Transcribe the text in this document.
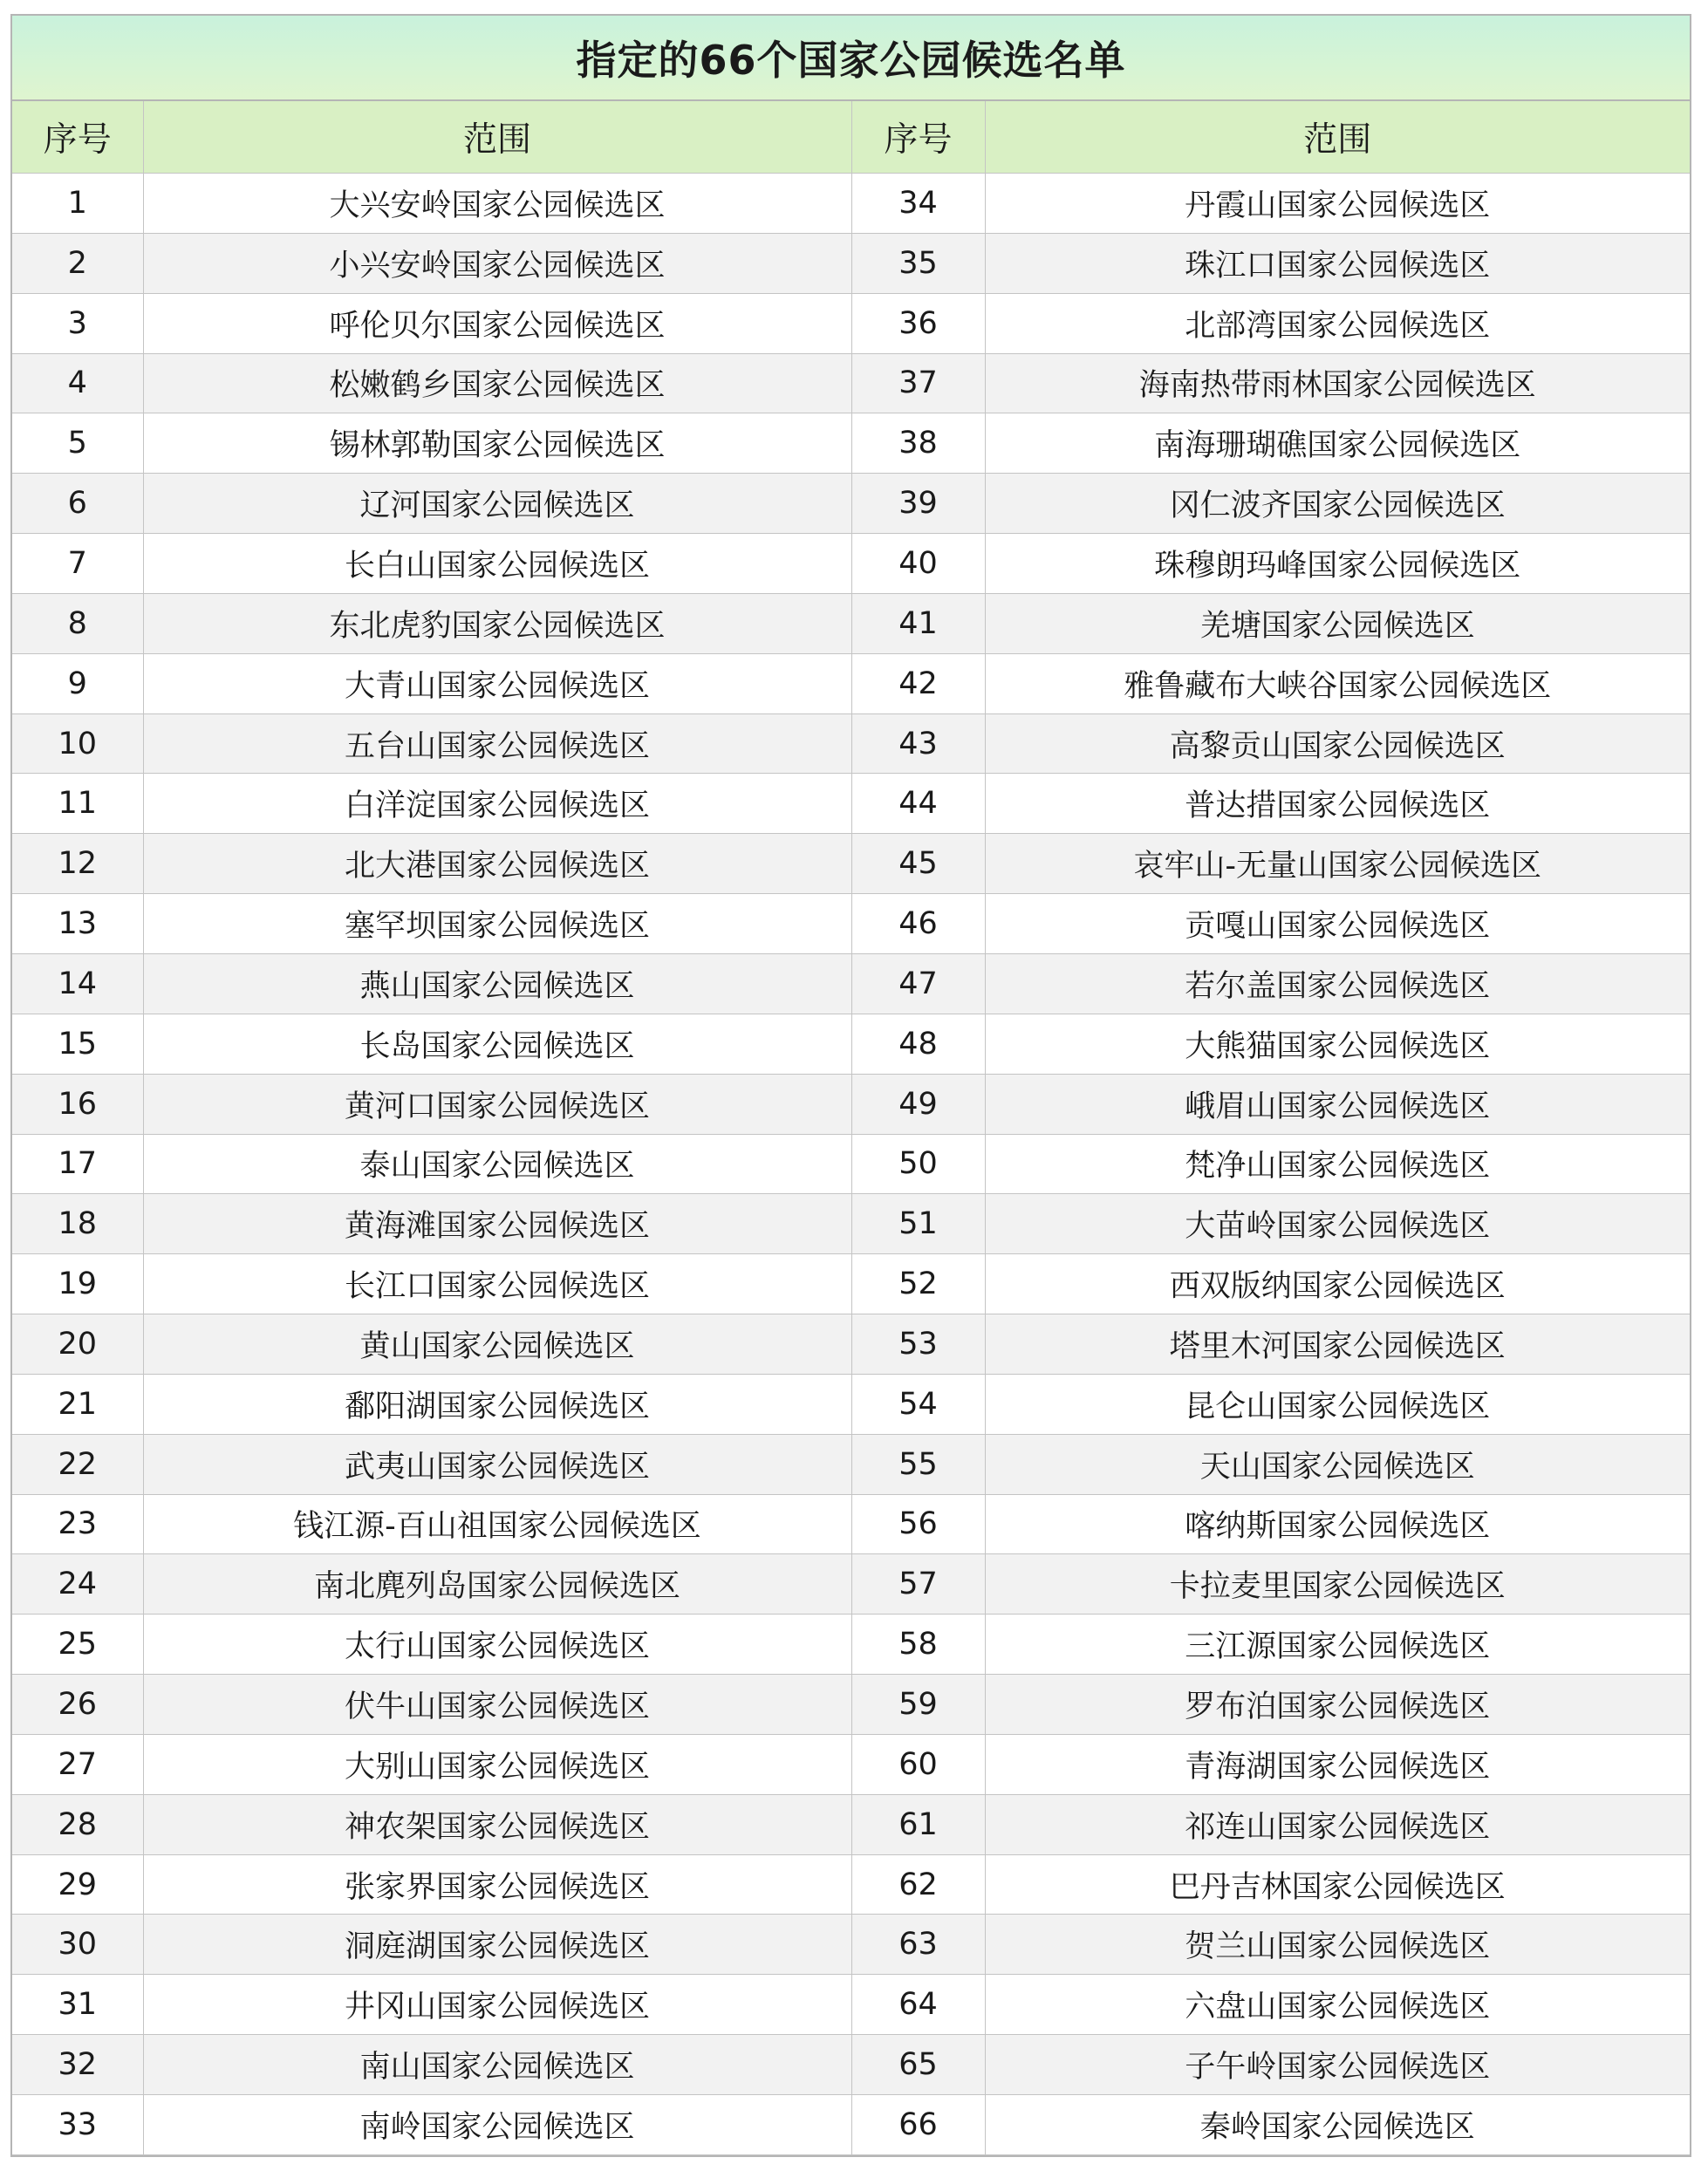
指定的66个国家公园候选名单
序号	范围	序号	范围
1	大兴安岭国家公园候选区	34	丹霞山国家公园候选区
2	小兴安岭国家公园候选区	35	珠江口国家公园候选区
3	呼伦贝尔国家公园候选区	36	北部湾国家公园候选区
4	松嫩鹤乡国家公园候选区	37	海南热带雨林国家公园候选区
5	锡林郭勒国家公园候选区	38	南海珊瑚礁国家公园候选区
6	辽河国家公园候选区	39	冈仁波齐国家公园候选区
7	长白山国家公园候选区	40	珠穆朗玛峰国家公园候选区
8	东北虎豹国家公园候选区	41	羌塘国家公园候选区
9	大青山国家公园候选区	42	雅鲁藏布大峡谷国家公园候选区
10	五台山国家公园候选区	43	高黎贡山国家公园候选区
11	白洋淀国家公园候选区	44	普达措国家公园候选区
12	北大港国家公园候选区	45	哀牢山-无量山国家公园候选区
13	塞罕坝国家公园候选区	46	贡嘎山国家公园候选区
14	燕山国家公园候选区	47	若尔盖国家公园候选区
15	长岛国家公园候选区	48	大熊猫国家公园候选区
16	黄河口国家公园候选区	49	峨眉山国家公园候选区
17	泰山国家公园候选区	50	梵净山国家公园候选区
18	黄海滩国家公园候选区	51	大苗岭国家公园候选区
19	长江口国家公园候选区	52	西双版纳国家公园候选区
20	黄山国家公园候选区	53	塔里木河国家公园候选区
21	鄱阳湖国家公园候选区	54	昆仑山国家公园候选区
22	武夷山国家公园候选区	55	天山国家公园候选区
23	钱江源-百山祖国家公园候选区	56	喀纳斯国家公园候选区
24	南北麂列岛国家公园候选区	57	卡拉麦里国家公园候选区
25	太行山国家公园候选区	58	三江源国家公园候选区
26	伏牛山国家公园候选区	59	罗布泊国家公园候选区
27	大别山国家公园候选区	60	青海湖国家公园候选区
28	神农架国家公园候选区	61	祁连山国家公园候选区
29	张家界国家公园候选区	62	巴丹吉林国家公园候选区
30	洞庭湖国家公园候选区	63	贺兰山国家公园候选区
31	井冈山国家公园候选区	64	六盘山国家公园候选区
32	南山国家公园候选区	65	子午岭国家公园候选区
33	南岭国家公园候选区	66	秦岭国家公园候选区
